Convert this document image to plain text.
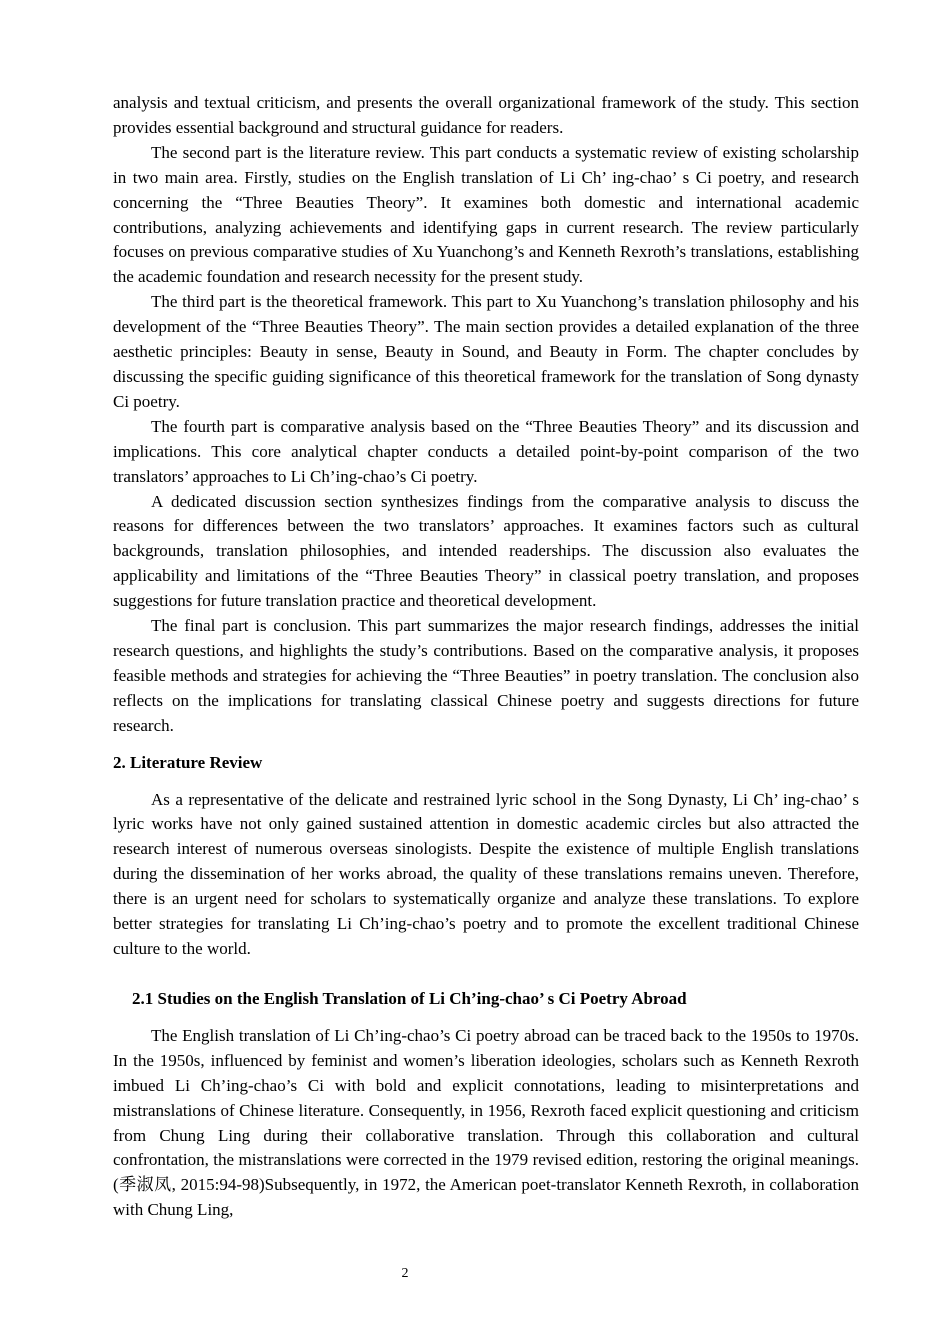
analysis and textual criticism, and presents the overall organizational framework of the study. This section provides essential background and structural guidance for readers.

The second part is the literature review. This part conducts a systematic review of existing scholarship in two main area. Firstly, studies on the English translation of Li Ch’ ing-chao’ s Ci poetry, and research concerning the “Three Beauties Theory”. It examines both domestic and international academic contributions, analyzing achievements and identifying gaps in current research. The review particularly focuses on previous comparative studies of Xu Yuanchong’s and Kenneth Rexroth’s translations, establishing the academic foundation and research necessity for the present study.

The third part is the theoretical framework. This part to Xu Yuanchong’s translation philosophy and his development of the “Three Beauties Theory”. The main section provides a detailed explanation of the three aesthetic principles: Beauty in sense, Beauty in Sound, and Beauty in Form. The chapter concludes by discussing the specific guiding significance of this theoretical framework for the translation of Song dynasty Ci poetry.

The fourth part is comparative analysis based on the “Three Beauties Theory” and its discussion and implications. This core analytical chapter conducts a detailed point-by-point comparison of the two translators’ approaches to Li Ch’ing-chao’s Ci poetry.

A dedicated discussion section synthesizes findings from the comparative analysis to discuss the reasons for differences between the two translators’ approaches. It examines factors such as cultural backgrounds, translation philosophies, and intended readerships. The discussion also evaluates the applicability and limitations of the “Three Beauties Theory” in classical poetry translation, and proposes suggestions for future translation practice and theoretical development.

The final part is conclusion. This part summarizes the major research findings, addresses the initial research questions, and highlights the study’s contributions. Based on the comparative analysis, it proposes feasible methods and strategies for achieving the “Three Beauties” in poetry translation. The conclusion also reflects on the implications for translating classical Chinese poetry and suggests directions for future research.

2. Literature Review

As a representative of the delicate and restrained lyric school in the Song Dynasty, Li Ch’ ing-chao’ s lyric works have not only gained sustained attention in domestic academic circles but also attracted the research interest of numerous overseas sinologists. Despite the existence of multiple English translations during the dissemination of her works abroad, the quality of these translations remains uneven. Therefore, there is an urgent need for scholars to systematically organize and analyze these translations. To explore better strategies for translating Li Ch’ing-chao’s poetry and to promote the excellent traditional Chinese culture to the world.

2.1 Studies on the English Translation of Li Ch’ing-chao’ s Ci Poetry Abroad

The English translation of Li Ch’ing-chao’s Ci poetry abroad can be traced back to the 1950s to 1970s. In the 1950s, influenced by feminist and women’s liberation ideologies, scholars such as Kenneth Rexroth imbued Li Ch’ing-chao’s Ci with bold and explicit connotations, leading to misinterpretations and mistranslations of Chinese literature. Consequently, in 1956, Rexroth faced explicit questioning and criticism from Chung Ling during their collaborative translation. Through this collaboration and cultural confrontation, the mistranslations were corrected in the 1979 revised edition, restoring the original meanings. (季淑凤, 2015:94-98)Subsequently, in 1972, the American poet-translator Kenneth Rexroth, in collaboration with Chung Ling,

2
